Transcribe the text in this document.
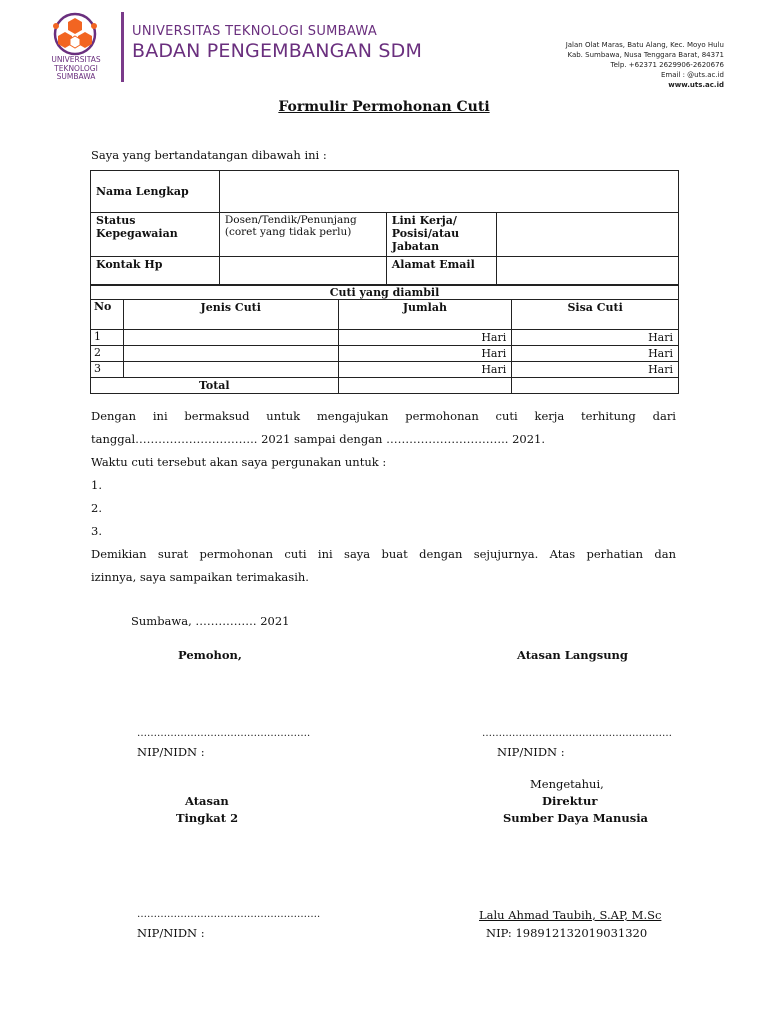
UNIVERSITAS
TEKNOLOGI
SUMBAWA
UNIVERSITAS TEKNOLOGI SUMBAWA
BADAN PENGEMBANGAN SDM	Jalan Olat Maras, Batu Alang, Kec. Moyo Hulu
Kab. Sumbawa, Nusa Tenggara Barat, 84371
Telp. +62371 2629906-2620676
Email : @uts.ac.id
www.uts.ac.id
Formulir Permohonan Cuti
Saya yang bertandatangan dibawah ini :
Nama Lengkap			
Status Kepegawaian	Dosen/Tendik/Penunjang (coret yang tidak perlu)	Lini Kerja/ Posisi/atau Jabatan	
Kontak Hp		Alamat Email	
Cuti yang diambil			
No	Jenis Cuti	Jumlah	Sisa Cuti
1		Hari	Hari
2		Hari	Hari
3		Hari	Hari
Total			
Dengan ini bermaksud untuk mengajukan permohonan cuti kerja terhitung dari
tanggal………………………….. 2021 sampai dengan ………………………….. 2021.
Waktu cuti tersebut akan saya pergunakan untuk :
1.
2.
3.
Demikian surat permohonan cuti ini saya buat dengan sejujurnya. Atas perhatian dan
izinnya, saya sampaikan terimakasih.
Sumbawa, ……………. 2021
Pemohon,	Atasan Langsung
…………………………………………….	…………………………………………………
NIP/NIDN :	NIP/NIDN :
Mengetahui,
Atasan	Direktur
Tingkat 2	Sumber Daya Manusia
……………………………………………….	Lalu Ahmad Taubih, S.AP, M.Sc
NIP/NIDN :	NIP: 198912132019031320
